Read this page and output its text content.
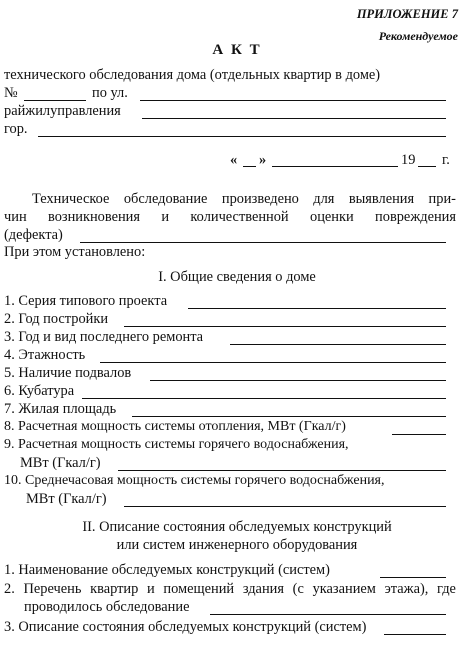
ПРИЛОЖЕНИЕ 7
Рекомендуемое
А К Т
технического обследования дома (отдельных квартир в доме)
№	по ул.
райжилуправления
гор.
« »	19 г.
Техническое обследование произведено для выявления при-
чин возникновения и количественной оценки повреждения
(дефекта)
При этом установлено:
I. Общие сведения о доме
1. Серия типового проекта
2. Год постройки
3. Год и вид последнего ремонта
4. Этажность
5. Наличие подвалов
6. Кубатура
7. Жилая площадь
8. Расчетная мощность системы отопления, МВт (Гкал/г)
9. Расчетная мощность системы горячего водоснабжения,
МВт (Гкал/г)
10. Среднечасовая мощность системы горячего водоснабжения,
МВт (Гкал/г)
II. Описание состояния обследуемых конструкций
или систем инженерного оборудования
1. Наименование обследуемых конструкций (систем)
2. Перечень квартир и помещений здания (с указанием этажа), где
проводилось обследование
3. Описание состояния обследуемых конструкций (систем)
